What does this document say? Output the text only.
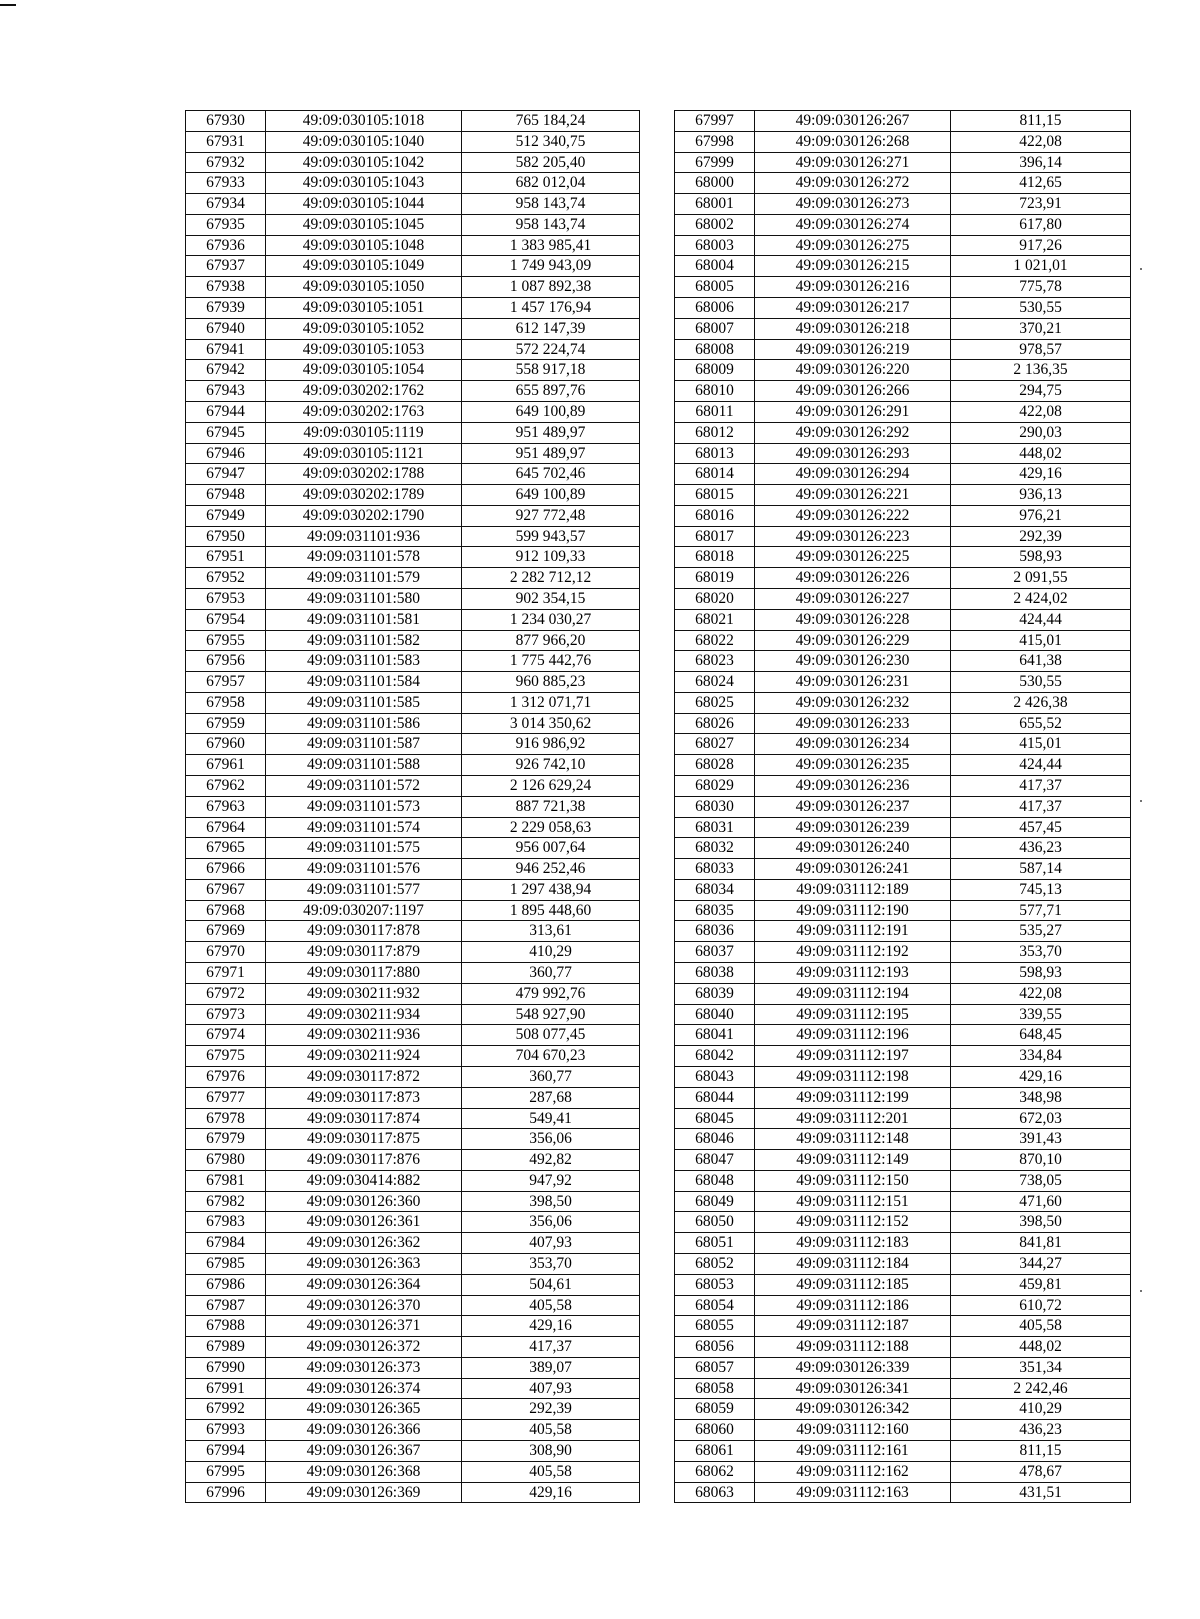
67930	49:09:030105:1018	765 184,24
67931	49:09:030105:1040	512 340,75
67932	49:09:030105:1042	582 205,40
67933	49:09:030105:1043	682 012,04
67934	49:09:030105:1044	958 143,74
67935	49:09:030105:1045	958 143,74
67936	49:09:030105:1048	1 383 985,41
67937	49:09:030105:1049	1 749 943,09
67938	49:09:030105:1050	1 087 892,38
67939	49:09:030105:1051	1 457 176,94
67940	49:09:030105:1052	612 147,39
67941	49:09:030105:1053	572 224,74
67942	49:09:030105:1054	558 917,18
67943	49:09:030202:1762	655 897,76
67944	49:09:030202:1763	649 100,89
67945	49:09:030105:1119	951 489,97
67946	49:09:030105:1121	951 489,97
67947	49:09:030202:1788	645 702,46
67948	49:09:030202:1789	649 100,89
67949	49:09:030202:1790	927 772,48
67950	49:09:031101:936	599 943,57
67951	49:09:031101:578	912 109,33
67952	49:09:031101:579	2 282 712,12
67953	49:09:031101:580	902 354,15
67954	49:09:031101:581	1 234 030,27
67955	49:09:031101:582	877 966,20
67956	49:09:031101:583	1 775 442,76
67957	49:09:031101:584	960 885,23
67958	49:09:031101:585	1 312 071,71
67959	49:09:031101:586	3 014 350,62
67960	49:09:031101:587	916 986,92
67961	49:09:031101:588	926 742,10
67962	49:09:031101:572	2 126 629,24
67963	49:09:031101:573	887 721,38
67964	49:09:031101:574	2 229 058,63
67965	49:09:031101:575	956 007,64
67966	49:09:031101:576	946 252,46
67967	49:09:031101:577	1 297 438,94
67968	49:09:030207:1197	1 895 448,60
67969	49:09:030117:878	313,61
67970	49:09:030117:879	410,29
67971	49:09:030117:880	360,77
67972	49:09:030211:932	479 992,76
67973	49:09:030211:934	548 927,90
67974	49:09:030211:936	508 077,45
67975	49:09:030211:924	704 670,23
67976	49:09:030117:872	360,77
67977	49:09:030117:873	287,68
67978	49:09:030117:874	549,41
67979	49:09:030117:875	356,06
67980	49:09:030117:876	492,82
67981	49:09:030414:882	947,92
67982	49:09:030126:360	398,50
67983	49:09:030126:361	356,06
67984	49:09:030126:362	407,93
67985	49:09:030126:363	353,70
67986	49:09:030126:364	504,61
67987	49:09:030126:370	405,58
67988	49:09:030126:371	429,16
67989	49:09:030126:372	417,37
67990	49:09:030126:373	389,07
67991	49:09:030126:374	407,93
67992	49:09:030126:365	292,39
67993	49:09:030126:366	405,58
67994	49:09:030126:367	308,90
67995	49:09:030126:368	405,58
67996	49:09:030126:369	429,16
67997	49:09:030126:267	811,15
67998	49:09:030126:268	422,08
67999	49:09:030126:271	396,14
68000	49:09:030126:272	412,65
68001	49:09:030126:273	723,91
68002	49:09:030126:274	617,80
68003	49:09:030126:275	917,26
68004	49:09:030126:215	1 021,01
68005	49:09:030126:216	775,78
68006	49:09:030126:217	530,55
68007	49:09:030126:218	370,21
68008	49:09:030126:219	978,57
68009	49:09:030126:220	2 136,35
68010	49:09:030126:266	294,75
68011	49:09:030126:291	422,08
68012	49:09:030126:292	290,03
68013	49:09:030126:293	448,02
68014	49:09:030126:294	429,16
68015	49:09:030126:221	936,13
68016	49:09:030126:222	976,21
68017	49:09:030126:223	292,39
68018	49:09:030126:225	598,93
68019	49:09:030126:226	2 091,55
68020	49:09:030126:227	2 424,02
68021	49:09:030126:228	424,44
68022	49:09:030126:229	415,01
68023	49:09:030126:230	641,38
68024	49:09:030126:231	530,55
68025	49:09:030126:232	2 426,38
68026	49:09:030126:233	655,52
68027	49:09:030126:234	415,01
68028	49:09:030126:235	424,44
68029	49:09:030126:236	417,37
68030	49:09:030126:237	417,37
68031	49:09:030126:239	457,45
68032	49:09:030126:240	436,23
68033	49:09:030126:241	587,14
68034	49:09:031112:189	745,13
68035	49:09:031112:190	577,71
68036	49:09:031112:191	535,27
68037	49:09:031112:192	353,70
68038	49:09:031112:193	598,93
68039	49:09:031112:194	422,08
68040	49:09:031112:195	339,55
68041	49:09:031112:196	648,45
68042	49:09:031112:197	334,84
68043	49:09:031112:198	429,16
68044	49:09:031112:199	348,98
68045	49:09:031112:201	672,03
68046	49:09:031112:148	391,43
68047	49:09:031112:149	870,10
68048	49:09:031112:150	738,05
68049	49:09:031112:151	471,60
68050	49:09:031112:152	398,50
68051	49:09:031112:183	841,81
68052	49:09:031112:184	344,27
68053	49:09:031112:185	459,81
68054	49:09:031112:186	610,72
68055	49:09:031112:187	405,58
68056	49:09:031112:188	448,02
68057	49:09:030126:339	351,34
68058	49:09:030126:341	2 242,46
68059	49:09:030126:342	410,29
68060	49:09:031112:160	436,23
68061	49:09:031112:161	811,15
68062	49:09:031112:162	478,67
68063	49:09:031112:163	431,51
